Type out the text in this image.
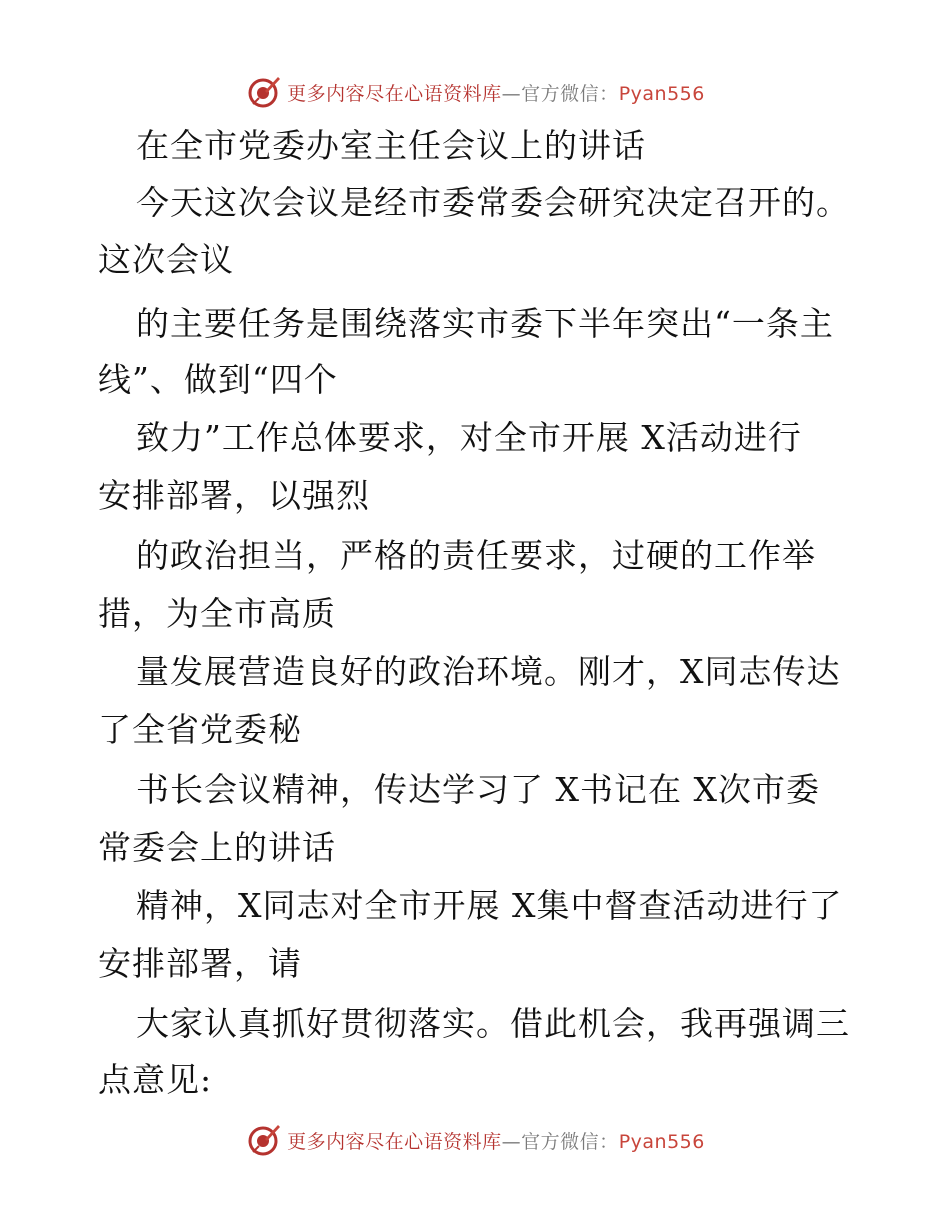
更多内容尽在心语资料库—官方微信：Pyan556
在全市党委办室主任会议上的讲话
今天这次会议是经市委常委会研究决定召开的。
这次会议
的主要任务是围绕落实市委下半年突出“一条主
线”、做到“四个
致力”工作总体要求，对全市开展 X活动进行
安排部署，以强烈
的政治担当，严格的责任要求，过硬的工作举
措，为全市高质
量发展营造良好的政治环境。刚才，X同志传达
了全省党委秘
书长会议精神，传达学习了 X书记在 X次市委
常委会上的讲话
精神，X同志对全市开展 X集中督查活动进行了
安排部署，请
大家认真抓好贯彻落实。借此机会，我再强调三
点意见:
更多内容尽在心语资料库—官方微信：Pyan556
